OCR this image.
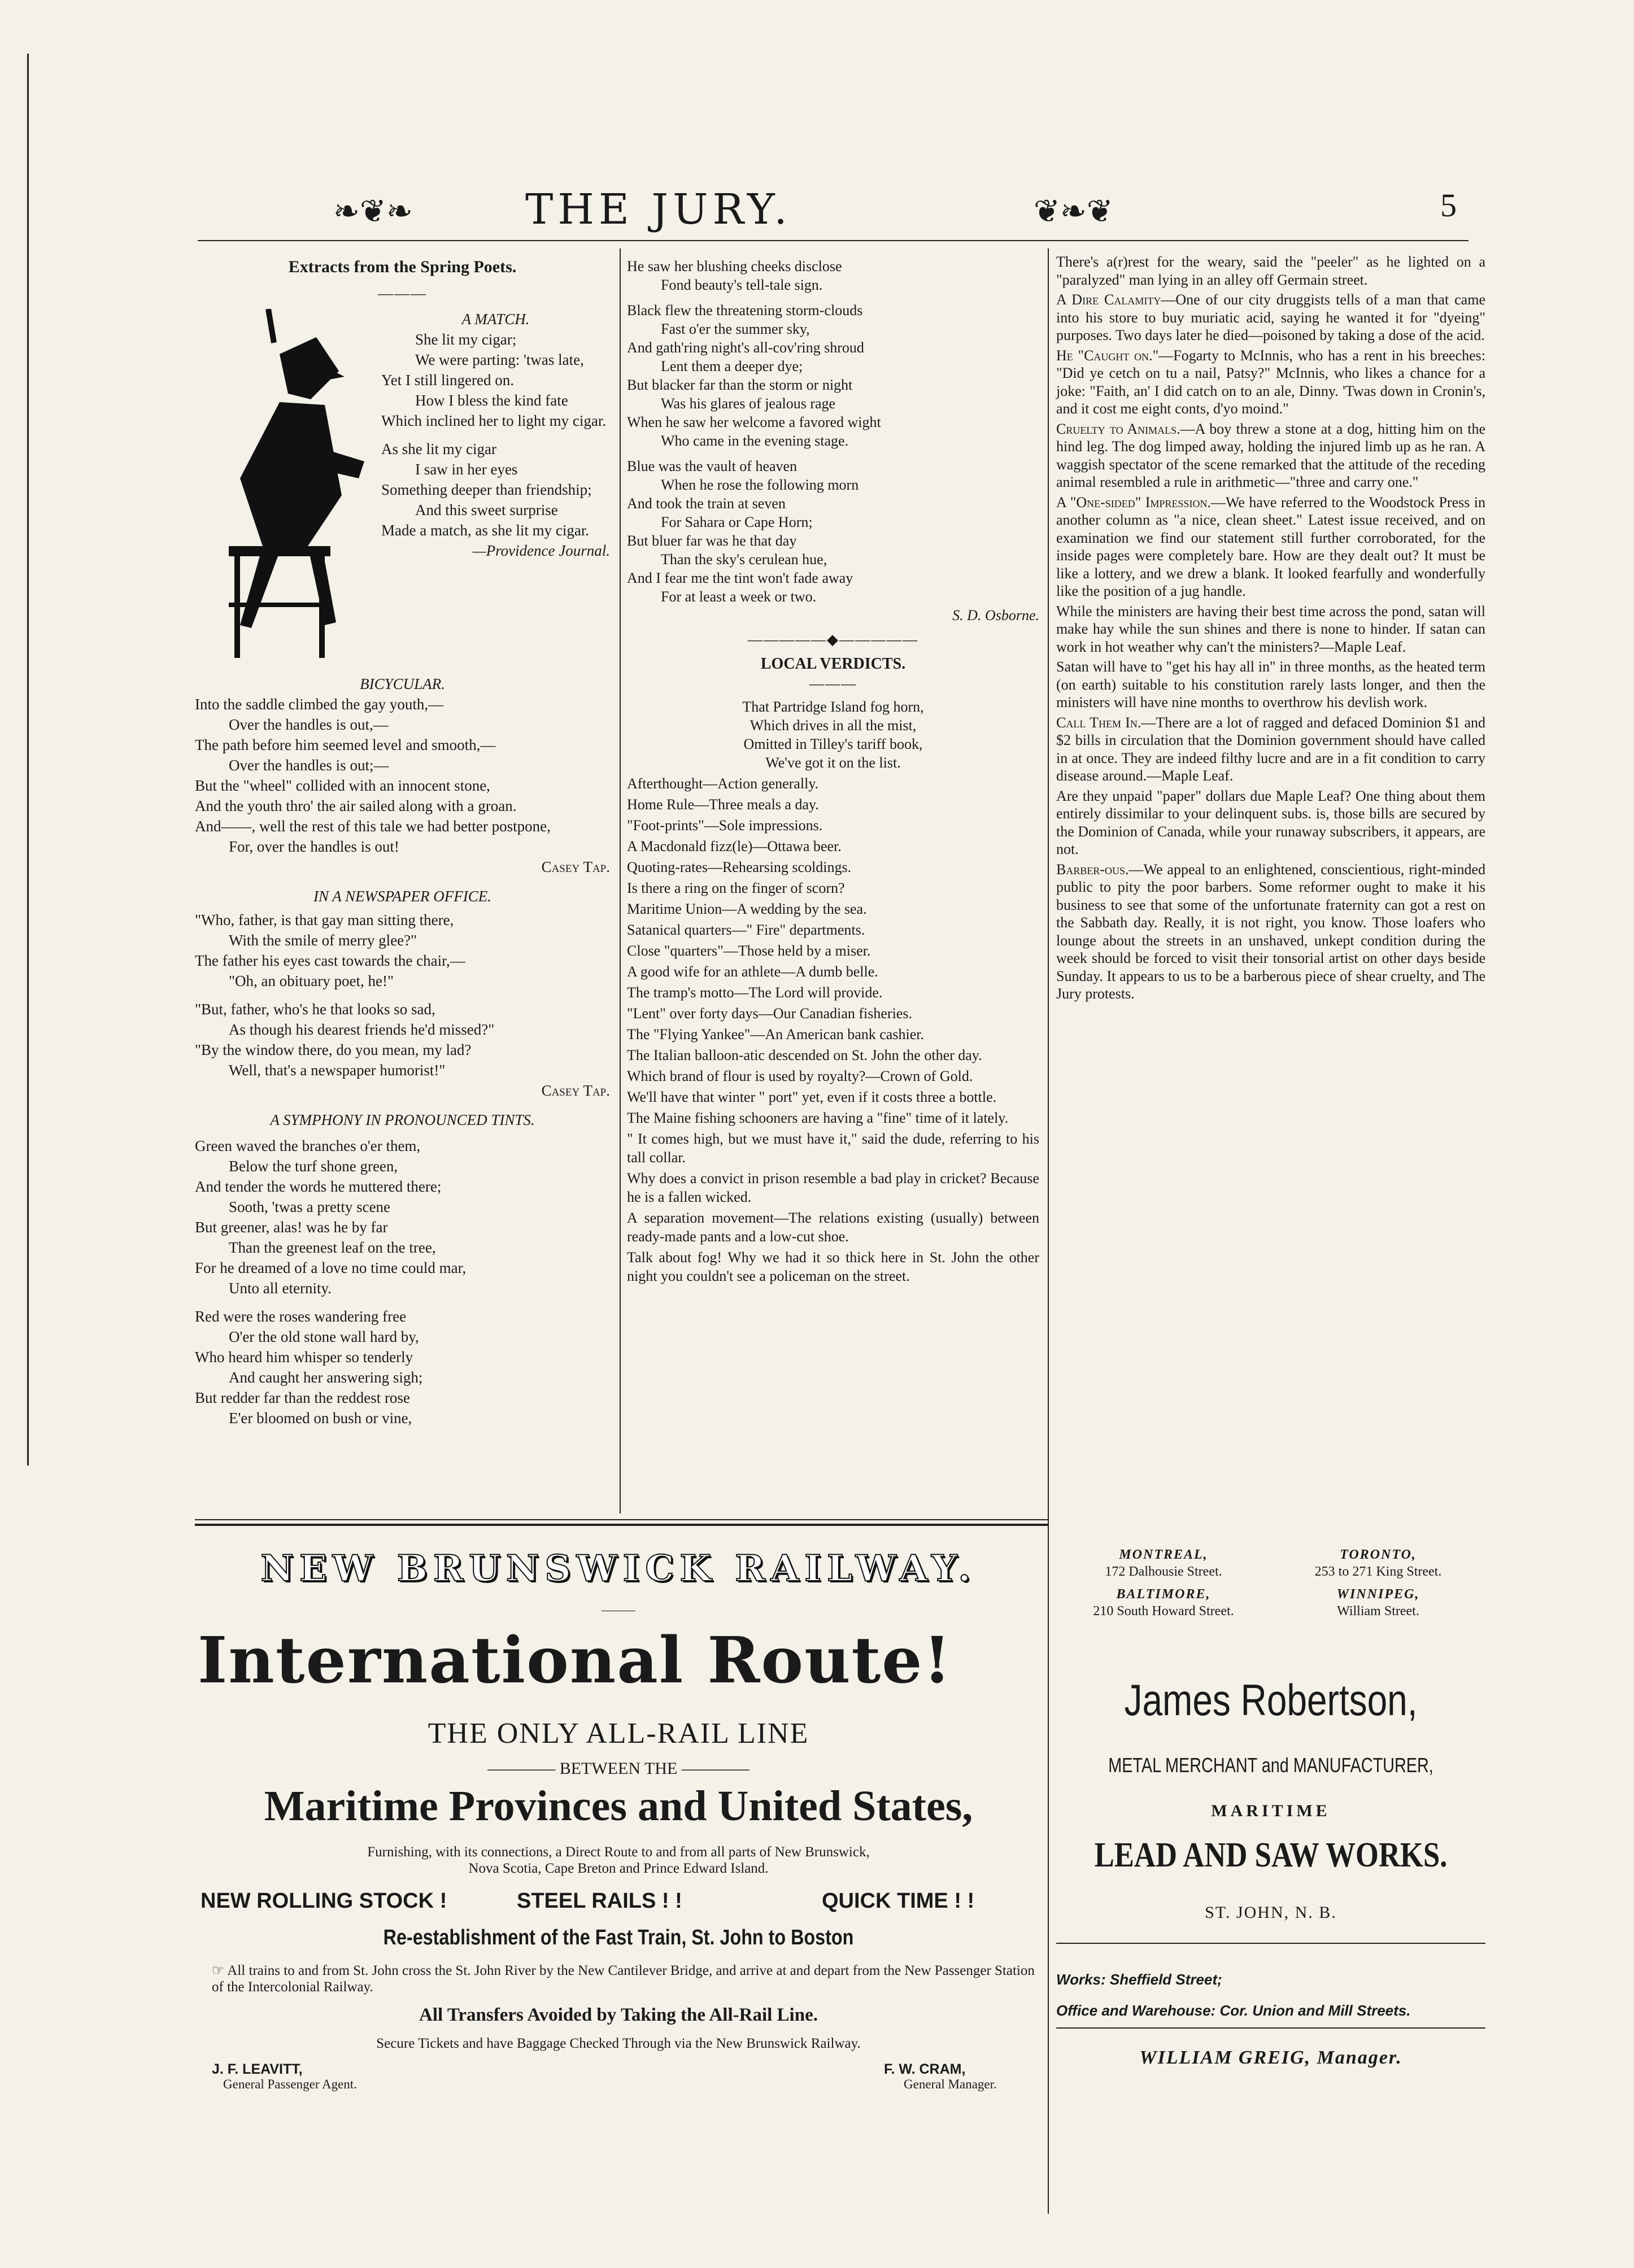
❧❦❧	THE JURY.	❦❧❦	5
Extracts from the Spring Poets.
———
A MATCH.
She lit my cigar;
We were parting: 'twas late,
Yet I still lingered on.
How I bless the kind fate
Which inclined her to light my cigar.
As she lit my cigar
I saw in her eyes
Something deeper than friendship;
And this sweet surprise
Made a match, as she lit my cigar.
—Providence Journal.
BICYCULAR.
Into the saddle climbed the gay youth,—
Over the handles is out,—
The path before him seemed level and smooth,—
Over the handles is out;—
But the "wheel" collided with an innocent stone,
And the youth thro' the air sailed along with a groan.
And——, well the rest of this tale we had better postpone,
For, over the handles is out!
Casey Tap.
IN A NEWSPAPER OFFICE.
"Who, father, is that gay man sitting there,
With the smile of merry glee?"
The father his eyes cast towards the chair,—
"Oh, an obituary poet, he!"
"But, father, who's he that looks so sad,
As though his dearest friends he'd missed?"
"By the window there, do you mean, my lad?
Well, that's a newspaper humorist!"
Casey Tap.
A SYMPHONY IN PRONOUNCED TINTS.
Green waved the branches o'er them,
Below the turf shone green,
And tender the words he muttered there;
Sooth, 'twas a pretty scene
But greener, alas! was he by far
Than the greenest leaf on the tree,
For he dreamed of a love no time could mar,
Unto all eternity.
Red were the roses wandering free
O'er the old stone wall hard by,
Who heard him whisper so tenderly
And caught her answering sigh;
But redder far than the reddest rose
E'er bloomed on bush or vine,
He saw her blushing cheeks disclose
Fond beauty's tell-tale sign.
Black flew the threatening storm-clouds
Fast o'er the summer sky,
And gath'ring night's all-cov'ring shroud
Lent them a deeper dye;
But blacker far than the storm or night
Was his glares of jealous rage
When he saw her welcome a favored wight
Who came in the evening stage.
Blue was the vault of heaven
When he rose the following morn
And took the train at seven
For Sahara or Cape Horn;
But bluer far was he that day
Than the sky's cerulean hue,
And I fear me the tint won't fade away
For at least a week or two.
S. D. Osborne.
—————◆—————
LOCAL VERDICTS.
———
That Partridge Island fog horn,
Which drives in all the mist,
Omitted in Tilley's tariff book,
We've got it on the list.

Afterthought—Action generally.

Home Rule—Three meals a day.

"Foot-prints"—Sole impressions.

A Macdonald fizz(le)—Ottawa beer.

Quoting-rates—Rehearsing scoldings.

Is there a ring on the finger of scorn?

Maritime Union—A wedding by the sea.

Satanical quarters—" Fire" departments.

Close "quarters"—Those held by a miser.

A good wife for an athlete—A dumb belle.

The tramp's motto—The Lord will provide.

"Lent" over forty days—Our Canadian fisheries.

The "Flying Yankee"—An American bank cashier.

The Italian balloon-atic descended on St. John the other day.

Which brand of flour is used by royalty?—Crown of Gold.

We'll have that winter " port" yet, even if it costs three a bottle.

The Maine fishing schooners are having a "fine" time of it lately.

" It comes high, but we must have it," said the dude, referring to his tall collar.

Why does a convict in prison resemble a bad play in cricket? Because he is a fallen wicked.

A separation movement—The relations existing (usually) between ready-made pants and a low-cut shoe.

Talk about fog! Why we had it so thick here in St. John the other night you couldn't see a policeman on the street.

There's a(r)rest for the weary, said the "peeler" as he lighted on a "paralyzed" man lying in an alley off Germain street.

A Dire Calamity—One of our city druggists tells of a man that came into his store to buy muriatic acid, saying he wanted it for "dyeing" purposes. Two days later he died—poisoned by taking a dose of the acid.

He "Caught on."—Fogarty to McInnis, who has a rent in his breeches: "Did ye cetch on tu a nail, Patsy?" McInnis, who likes a chance for a joke: "Faith, an' I did catch on to an ale, Dinny. 'Twas down in Cronin's, and it cost me eight conts, d'yo moind."

Cruelty to Animals.—A boy threw a stone at a dog, hitting him on the hind leg. The dog limped away, holding the injured limb up as he ran. A waggish spectator of the scene remarked that the attitude of the receding animal resembled a rule in arithmetic—"three and carry one."

A "One-sided" Impression.—We have referred to the Woodstock Press in another column as "a nice, clean sheet." Latest issue received, and on examination we find our statement still further corroborated, for the inside pages were completely bare. How are they dealt out? It must be like a lottery, and we drew a blank. It looked fearfully and wonderfully like the position of a jug handle.

While the ministers are having their best time across the pond, satan will make hay while the sun shines and there is none to hinder. If satan can work in hot weather why can't the ministers?—Maple Leaf.

Satan will have to "get his hay all in" in three months, as the heated term (on earth) suitable to his constitution rarely lasts longer, and then the ministers will have nine months to overthrow his devlish work.

Call Them In.—There are a lot of ragged and defaced Dominion $1 and $2 bills in circulation that the Dominion government should have called in at once. They are indeed filthy lucre and are in a fit condition to carry disease around.—Maple Leaf.

Are they unpaid "paper" dollars due Maple Leaf? One thing about them entirely dissimilar to your delinquent subs. is, those bills are secured by the Dominion of Canada, while your runaway subscribers, it appears, are not.

Barber-ous.—We appeal to an enlightened, conscientious, right-minded public to pity the poor barbers. Some reformer ought to make it his business to see that some of the unfortunate fraternity can got a rest on the Sabbath day. Really, it is not right, you know. Those loafers who lounge about the streets in an unshaved, unkept condition during the week should be forced to visit their tonsorial artist on other days beside Sunday. It appears to us to be a barberous piece of shear cruelty, and The Jury protests.

NEW BRUNSWICK RAILWAY.
———
International Route!
THE ONLY ALL-RAIL LINE
———— BETWEEN THE ————
Maritime Provinces and United States,
Furnishing, with its connections, a Direct Route to and from all parts of New Brunswick, Nova Scotia, Cape Breton and Prince Edward Island.
NEW ROLLING STOCK !	STEEL RAILS ! !	QUICK TIME ! !
Re-establishment of the Fast Train, St. John to Boston
☞ All trains to and from St. John cross the St. John River by the New Cantilever Bridge, and arrive at and depart from the New Passenger Station of the Intercolonial Railway.
All Transfers Avoided by Taking the All-Rail Line.
Secure Tickets and have Baggage Checked Through via the New Brunswick Railway.
J. F. LEAVITT,
General Passenger Agent.
F. W. CRAM,
General Manager.
MONTREAL,
172 Dalhousie Street.
TORONTO,
253 to 271 King Street.
BALTIMORE,
210 South Howard Street.
WINNIPEG,
William Street.
James Robertson,
METAL MERCHANT and MANUFACTURER,
MARITIME
LEAD AND SAW WORKS.
ST. JOHN, N. B.
Works: Sheffield Street;
Office and Warehouse: Cor. Union and Mill Streets.
WILLIAM GREIG, Manager.
